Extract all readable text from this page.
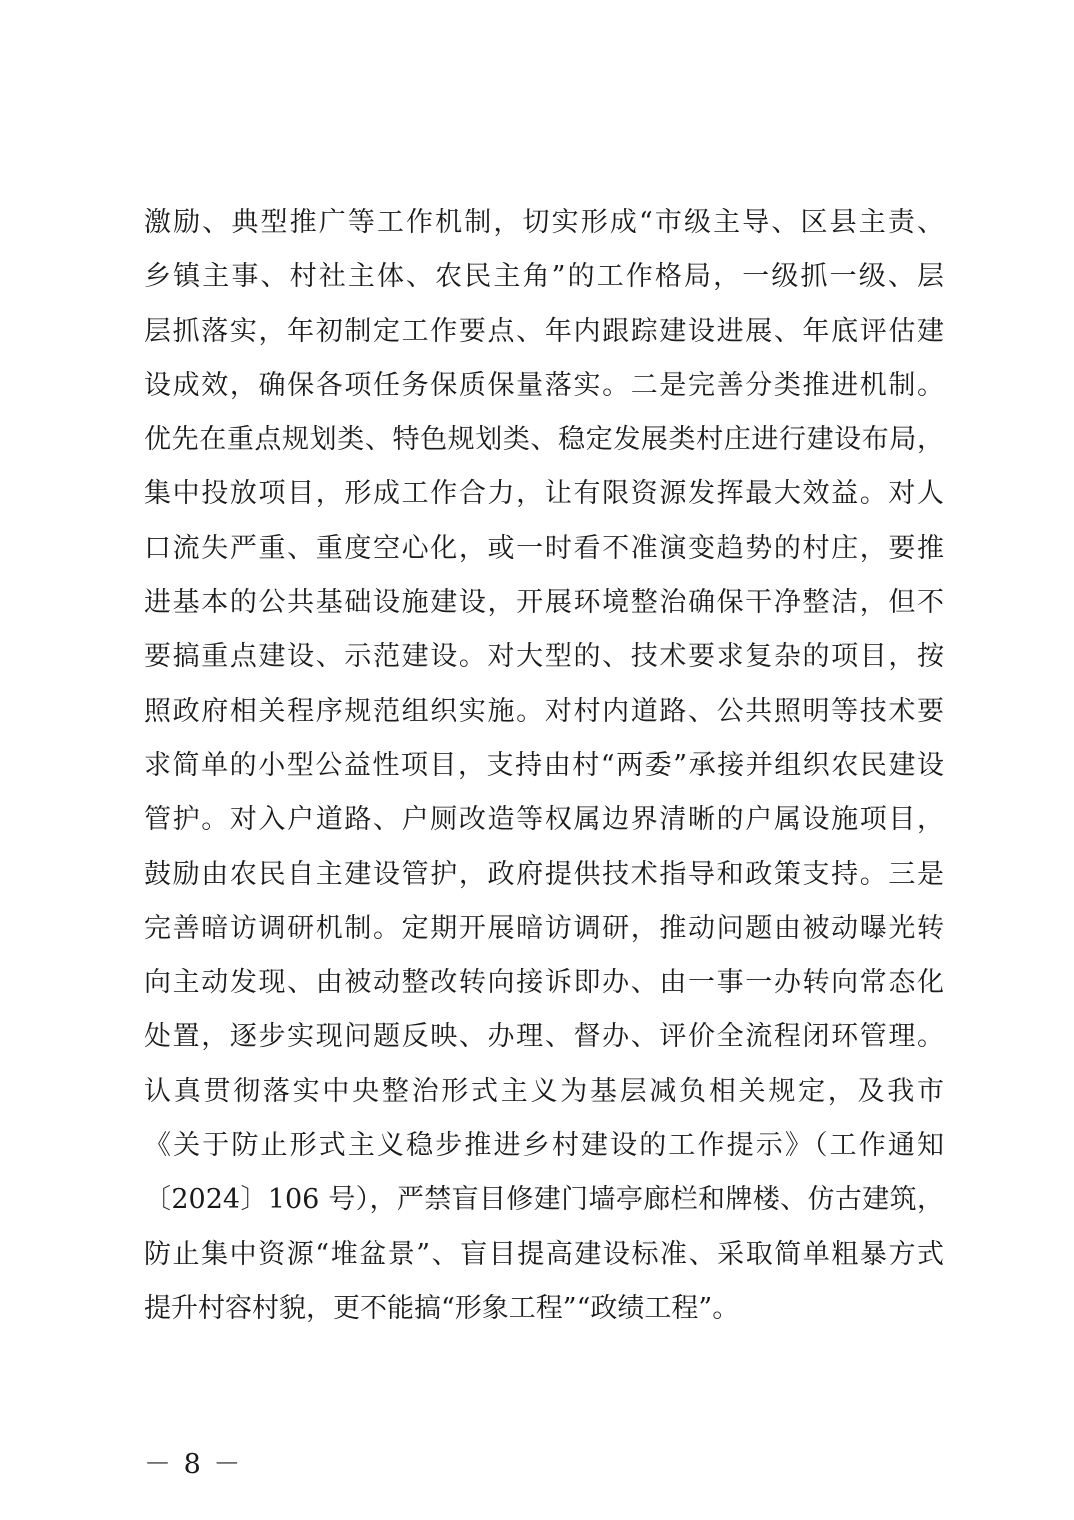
激励、典型推广等工作机制，切实形成“市级主导、区县主责、
乡镇主事、村社主体、农民主角”的工作格局，一级抓一级、层
层抓落实，年初制定工作要点、年内跟踪建设进展、年底评估建
设成效，确保各项任务保质保量落实。二是完善分类推进机制。
优先在重点规划类、特色规划类、稳定发展类村庄进行建设布局，
集中投放项目，形成工作合力，让有限资源发挥最大效益。对人
口流失严重、重度空心化，或一时看不准演变趋势的村庄，要推
进基本的公共基础设施建设，开展环境整治确保干净整洁，但不
要搞重点建设、示范建设。对大型的、技术要求复杂的项目，按
照政府相关程序规范组织实施。对村内道路、公共照明等技术要
求简单的小型公益性项目，支持由村“两委”承接并组织农民建设
管护。对入户道路、户厕改造等权属边界清晰的户属设施项目，
鼓励由农民自主建设管护，政府提供技术指导和政策支持。三是
完善暗访调研机制。定期开展暗访调研，推动问题由被动曝光转
向主动发现、由被动整改转向接诉即办、由一事一办转向常态化
处置，逐步实现问题反映、办理、督办、评价全流程闭环管理。
认真贯彻落实中央整治形式主义为基层减负相关规定，及我市
《关于防止形式主义稳步推进乡村建设的工作提示》（工作通知
〔2024〕106 号），严禁盲目修建门墙亭廊栏和牌楼、仿古建筑，
防止集中资源“堆盆景”、盲目提高建设标准、采取简单粗暴方式
提升村容村貌，更不能搞“形象工程”“政绩工程”。
－ 8 －
